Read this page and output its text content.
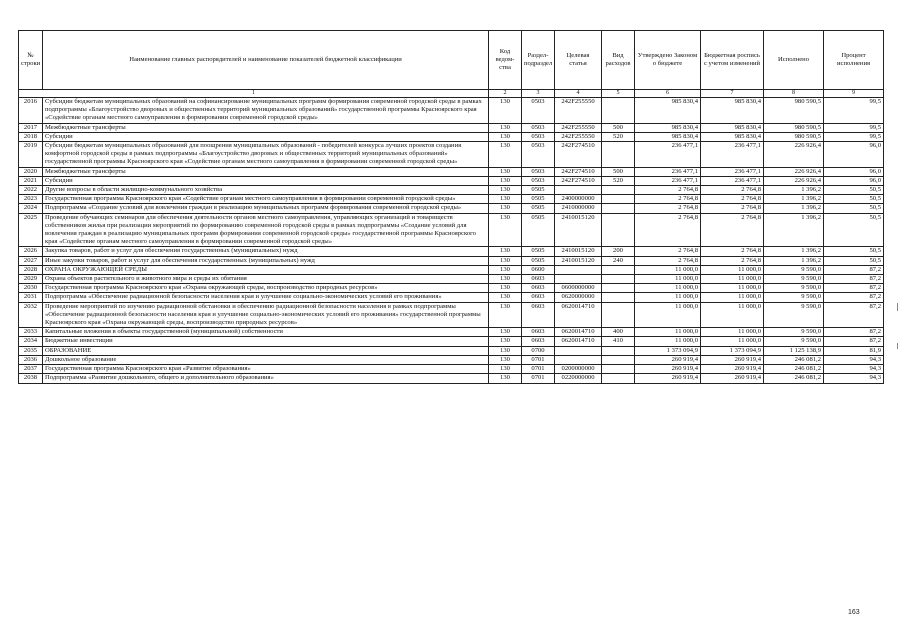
№ строки	Наименование главных распорядителей и наименование показателей бюджетной классификации	Код ведом-ства	Раздел-подраздел	Целевая статья	Вид расходов	Утверждено Законом о бюджете	Бюджетная роспись с учетом изменений	Исполнено	Процент исполнения
1		2	3	4	5	6	7	8	9
2016	Субсидии бюджетам муниципальных образований на софинансирование муниципальных программ формирования современной городской среды в рамках подпрограммы «Благоустройство дворовых и общественных территорий муниципальных образований» государственной программы Красноярского края «Содействие органам местного самоуправления в формировании современной городской среды»	130	0503	242F255550		985 830,4	985 830,4	980 590,5	99,5
2017	Межбюджетные трансферты	130	0503	242F255550	500	985 830,4	985 830,4	980 590,5	99,5
2018	Субсидии	130	0503	242F255550	520	985 830,4	985 830,4	980 590,5	99,5
2019	Субсидии бюджетам муниципальных образований для поощрения муниципальных образований - победителей конкурса лучших проектов создания комфортной городской среды в рамках подпрограммы «Благоустройство дворовых и общественных территорий муниципальных образований» государственной программы Красноярского края «Содействие органам местного самоуправления в формировании современной городской среды»	130	0503	242F274510		236 477,1	236 477,1	226 926,4	96,0
2020	Межбюджетные трансферты	130	0503	242F274510	500	236 477,1	236 477,1	226 926,4	96,0
2021	Субсидии	130	0503	242F274510	520	236 477,1	236 477,1	226 926,4	96,0
2022	Другие вопросы в области жилищно-коммунального хозяйства	130	0505			2 764,8	2 764,8	1 396,2	50,5
2023	Государственная программа Красноярского края «Содействие органам местного самоуправления в формировании современной городской среды»	130	0505	2400000000		2 764,8	2 764,8	1 396,2	50,5
2024	Подпрограмма «Создание условий для вовлечения граждан в реализацию муниципальных программ формирования современной городской среды»	130	0505	2410000000		2 764,8	2 764,8	1 396,2	50,5
2025	Проведение обучающих семинаров для обеспечения деятельности органов местного самоуправления, управляющих организаций и товариществ собственников жилья при реализации мероприятий по формированию современной городской среды в рамках подпрограммы «Создание условий для вовлечения граждан в реализацию муниципальных программ формирования современной городской среды» государственной программы Красноярского края «Содействие органам местного самоуправления в формировании современной городской среды»	130	0505	2410015120		2 764,8	2 764,8	1 396,2	50,5
2026	Закупка товаров, работ и услуг для обеспечения государственных (муниципальных) нужд	130	0505	2410015120	200	2 764,8	2 764,8	1 396,2	50,5
2027	Иные закупки товаров, работ и услуг для обеспечения государственных (муниципальных) нужд	130	0505	2410015120	240	2 764,8	2 764,8	1 396,2	50,5
2028	ОХРАНА ОКРУЖАЮЩЕЙ СРЕДЫ	130	0600			11 000,0	11 000,0	9 590,0	87,2
2029	Охрана объектов растительного и животного мира и среды их обитания	130	0603			11 000,0	11 000,0	9 590,0	87,2
2030	Государственная программа Красноярского края «Охрана окружающей среды, воспроизводство природных ресурсов»	130	0603	0600000000		11 000,0	11 000,0	9 590,0	87,2
2031	Подпрограмма «Обеспечение радиационной безопасности населения края и улучшение социально-экономических условий его проживания»	130	0603	0620000000		11 000,0	11 000,0	9 590,0	87,2
2032	Проведение мероприятий по изучению радиационной обстановки и обеспечению радиационной безопасности населения в рамках подпрограммы «Обеспечение радиационной безопасности населения края и улучшение социально-экономических условий его проживания» государственной программы Красноярского края «Охрана окружающей среды, воспроизводство природных ресурсов»	130	0603	0620014710		11 000,0	11 000,0	9 590,0	87,2
2033	Капитальные вложения в объекты государственной (муниципальной) собственности	130	0603	0620014710	400	11 000,0	11 000,0	9 590,0	87,2
2034	Бюджетные инвестиции	130	0603	0620014710	410	11 000,0	11 000,0	9 590,0	87,2
2035	ОБРАЗОВАНИЕ	130	0700			1 373 094,9	1 373 094,9	1 125 138,9	81,9
2036	Дошкольное образование	130	0701			260 919,4	260 919,4	246 081,2	94,3
2037	Государственная программа Красноярского края «Развитие образования»	130	0701	0200000000		260 919,4	260 919,4	246 081,2	94,3
2038	Подпрограмма «Развитие дошкольного, общего и дополнительного образования»	130	0701	0220000000		260 919,4	260 919,4	246 081,2	94,3
163
